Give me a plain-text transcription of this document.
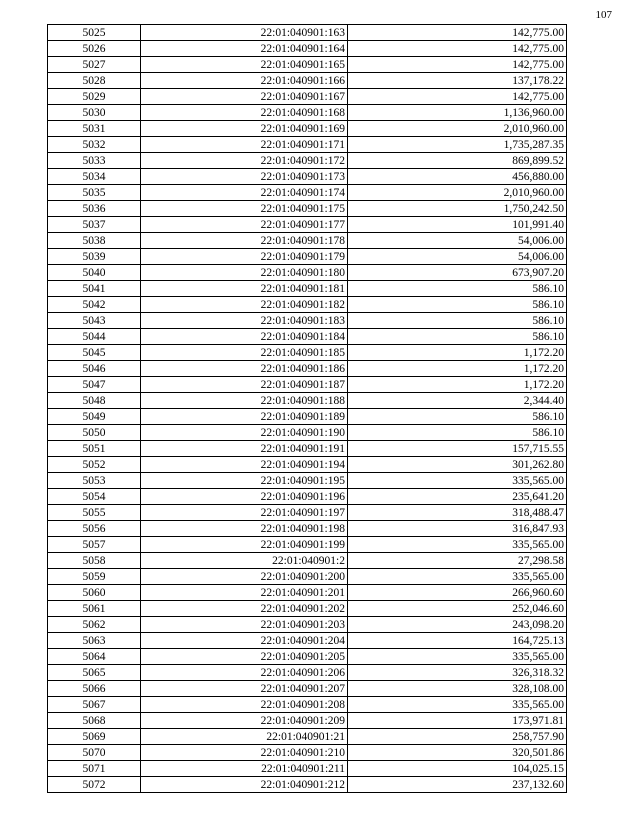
107
5025	22:01:040901:163	142,775.00
5026	22:01:040901:164	142,775.00
5027	22:01:040901:165	142,775.00
5028	22:01:040901:166	137,178.22
5029	22:01:040901:167	142,775.00
5030	22:01:040901:168	1,136,960.00
5031	22:01:040901:169	2,010,960.00
5032	22:01:040901:171	1,735,287.35
5033	22:01:040901:172	869,899.52
5034	22:01:040901:173	456,880.00
5035	22:01:040901:174	2,010,960.00
5036	22:01:040901:175	1,750,242.50
5037	22:01:040901:177	101,991.40
5038	22:01:040901:178	54,006.00
5039	22:01:040901:179	54,006.00
5040	22:01:040901:180	673,907.20
5041	22:01:040901:181	586.10
5042	22:01:040901:182	586.10
5043	22:01:040901:183	586.10
5044	22:01:040901:184	586.10
5045	22:01:040901:185	1,172.20
5046	22:01:040901:186	1,172.20
5047	22:01:040901:187	1,172.20
5048	22:01:040901:188	2,344.40
5049	22:01:040901:189	586.10
5050	22:01:040901:190	586.10
5051	22:01:040901:191	157,715.55
5052	22:01:040901:194	301,262.80
5053	22:01:040901:195	335,565.00
5054	22:01:040901:196	235,641.20
5055	22:01:040901:197	318,488.47
5056	22:01:040901:198	316,847.93
5057	22:01:040901:199	335,565.00
5058	22:01:040901:2	27,298.58
5059	22:01:040901:200	335,565.00
5060	22:01:040901:201	266,960.60
5061	22:01:040901:202	252,046.60
5062	22:01:040901:203	243,098.20
5063	22:01:040901:204	164,725.13
5064	22:01:040901:205	335,565.00
5065	22:01:040901:206	326,318.32
5066	22:01:040901:207	328,108.00
5067	22:01:040901:208	335,565.00
5068	22:01:040901:209	173,971.81
5069	22:01:040901:21	258,757.90
5070	22:01:040901:210	320,501.86
5071	22:01:040901:211	104,025.15
5072	22:01:040901:212	237,132.60
